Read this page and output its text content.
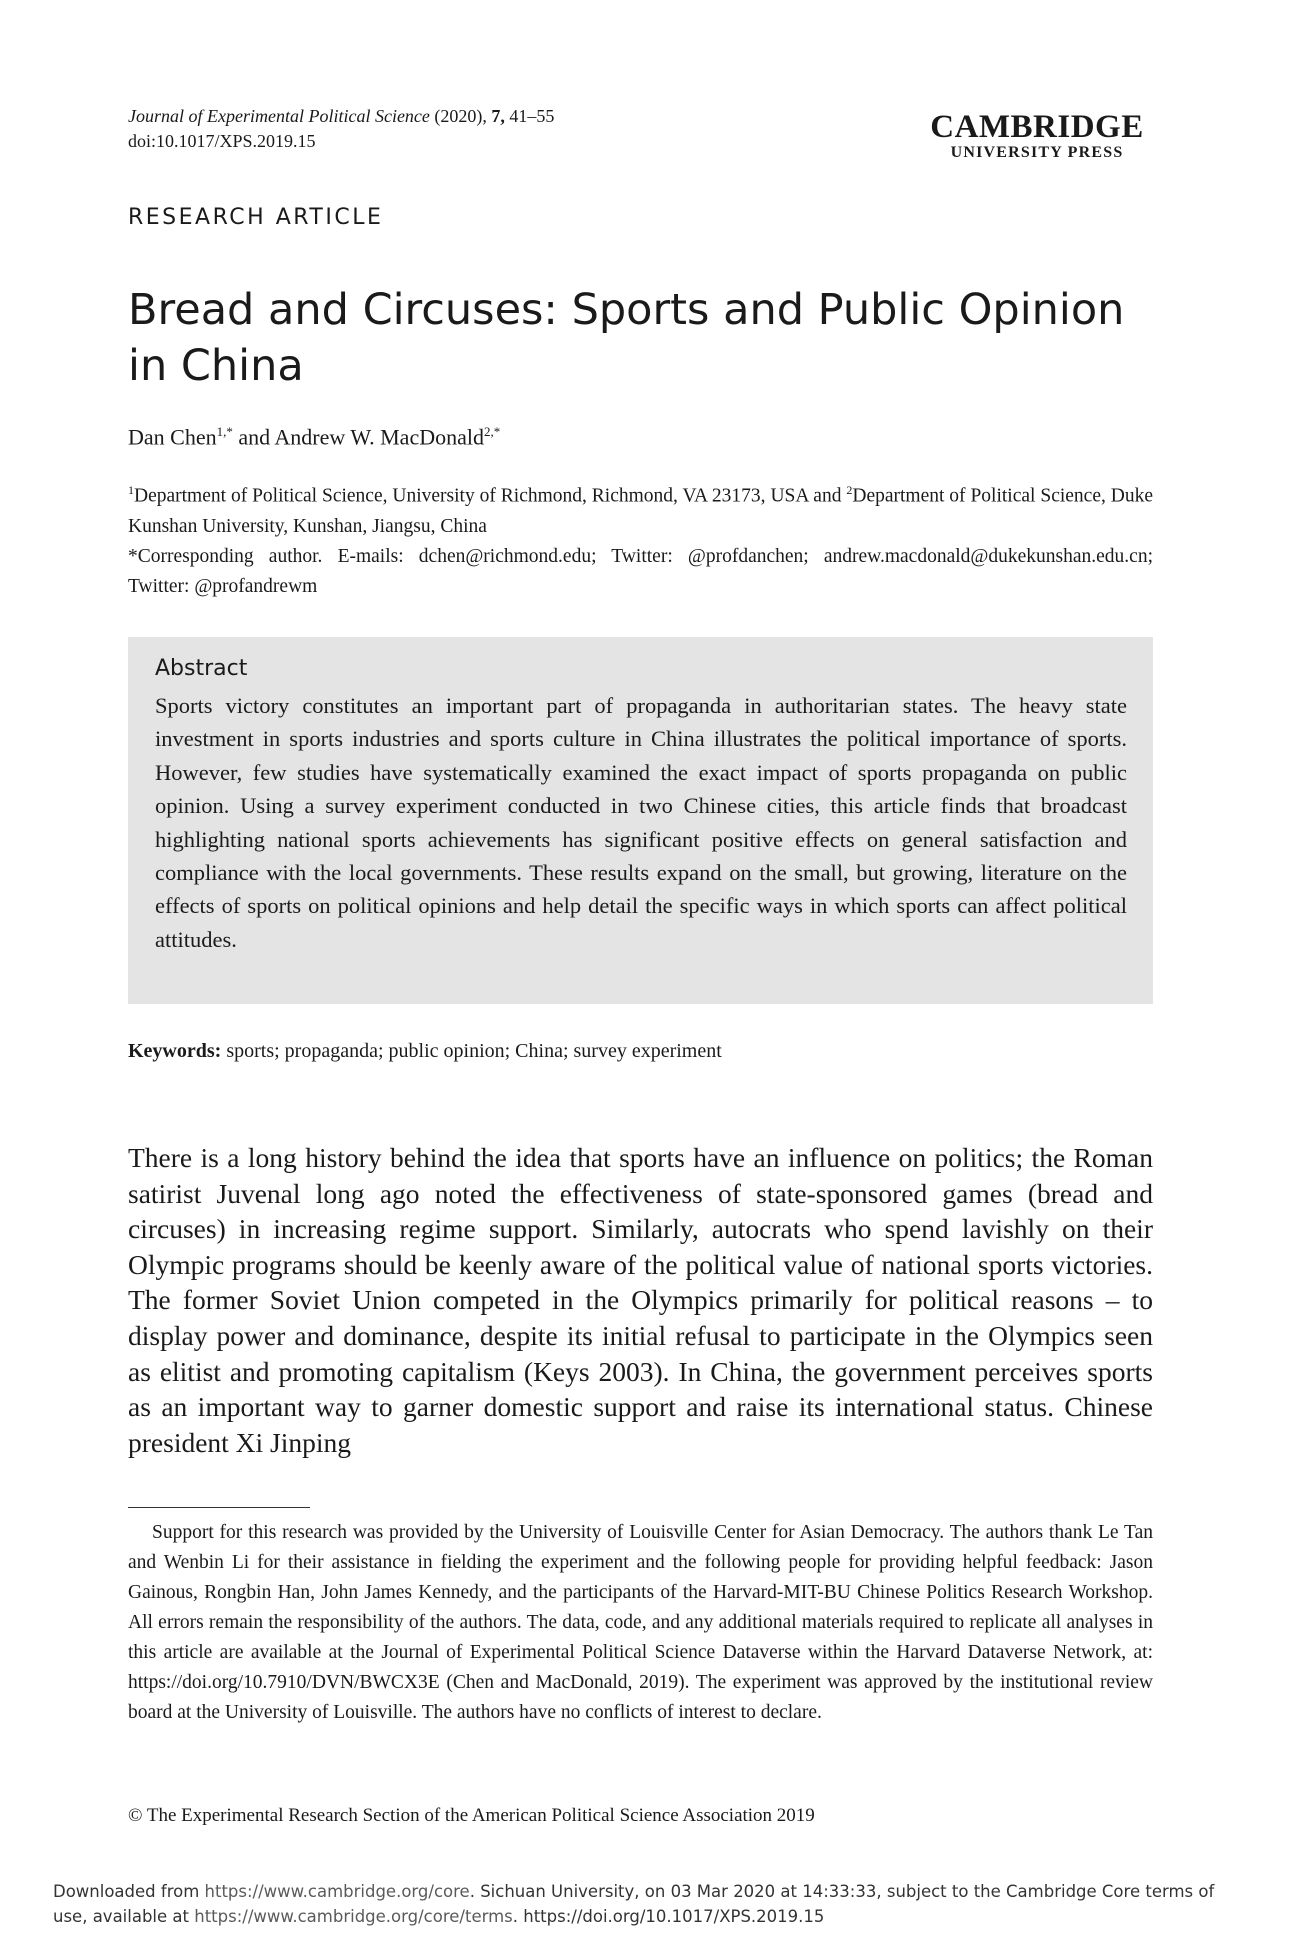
Journal of Experimental Political Science (2020), 7, 41–55
doi:10.1017/XPS.2019.15	CAMBRIDGE
UNIVERSITY PRESS
RESEARCH ARTICLE
Bread and Circuses: Sports and Public Opinion in China
Dan Chen$^{1,*}$ and Andrew W. MacDonald$^{2,*}$
$^1$Department of Political Science, University of Richmond, Richmond, VA 23173, USA and $^2$Department of Political Science, Duke Kunshan University, Kunshan, Jiangsu, China
*Corresponding author. E-mails: dchen@richmond.edu; Twitter: @profdanchen; andrew.macdonald@dukekunshan.edu.cn; Twitter: @profandrewm
Abstract
Sports victory constitutes an important part of propaganda in authoritarian states. The heavy state investment in sports industries and sports culture in China illustrates the political importance of sports. However, few studies have systematically examined the exact impact of sports propaganda on public opinion. Using a survey experiment conducted in two Chinese cities, this article finds that broadcast highlighting national sports achievements has significant positive effects on general satisfaction and compliance with the local governments. These results expand on the small, but growing, literature on the effects of sports on political opinions and help detail the specific ways in which sports can affect political attitudes.
Keywords: sports; propaganda; public opinion; China; survey experiment

There is a long history behind the idea that sports have an influence on politics; the Roman satirist Juvenal long ago noted the effectiveness of state-sponsored games (bread and circuses) in increasing regime support. Similarly, autocrats who spend lavishly on their Olympic programs should be keenly aware of the political value of national sports victories. The former Soviet Union competed in the Olympics primarily for political reasons – to display power and dominance, despite its initial refusal to participate in the Olympics seen as elitist and promoting capitalism (Keys 2003). In China, the government perceives sports as an important way to garner domestic support and raise its international status. Chinese president Xi Jinping

Support for this research was provided by the University of Louisville Center for Asian Democracy. The authors thank Le Tan and Wenbin Li for their assistance in fielding the experiment and the following people for providing helpful feedback: Jason Gainous, Rongbin Han, John James Kennedy, and the participants of the Harvard-MIT-BU Chinese Politics Research Workshop. All errors remain the responsibility of the authors. The data, code, and any additional materials required to replicate all analyses in this article are available at the Journal of Experimental Political Science Dataverse within the Harvard Dataverse Network, at: https://doi.org/10.7910/DVN/BWCX3E (Chen and MacDonald, 2019). The experiment was approved by the institutional review board at the University of Louisville. The authors have no conflicts of interest to declare.

© The Experimental Research Section of the American Political Science Association 2019
Downloaded from https://www.cambridge.org/core. Sichuan University, on 03 Mar 2020 at 14:33:33, subject to the Cambridge Core terms of use, available at https://www.cambridge.org/core/terms. https://doi.org/10.1017/XPS.2019.15
